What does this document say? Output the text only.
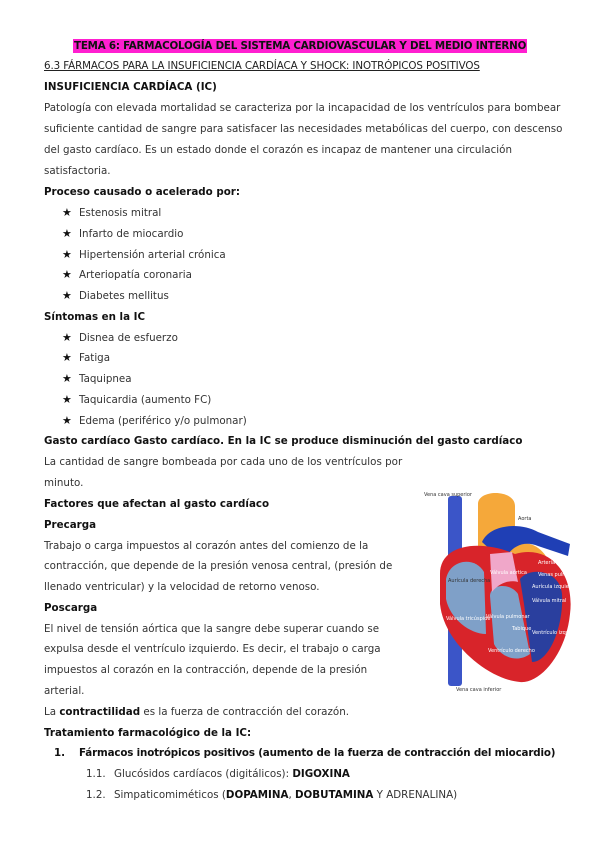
TEMA 6: FARMACOLOGÍA DEL SISTEMA CARDIOVASCULAR Y DEL MEDIO INTERNO
6.3 FÁRMACOS PARA LA INSUFICIENCIA CARDÍACA Y SHOCK: INOTRÓPICOS POSITIVOS
INSUFICIENCIA CARDÍACA (IC)
Patología con elevada mortalidad se caracteriza por la incapacidad de los ventrículos para bombear
suficiente cantidad de sangre para satisfacer las necesidades metabólicas del cuerpo, con descenso
del gasto cardíaco. Es un estado donde el corazón es incapaz de mantener una circulación
satisfactoria.
Proceso causado o acelerado por:
★ Estenosis mitral
★ Infarto de miocardio
★ Hipertensión arterial crónica
★ Arteriopatía coronaria
★ Diabetes mellitus
Síntomas en la IC
★ Disnea de esfuerzo
★ Fatiga
★ Taquipnea
★ Taquicardia (aumento FC)
★ Edema (periférico y/o pulmonar)
Gasto cardíaco Gasto cardíaco. En la IC se produce disminución del gasto cardíaco
La cantidad de sangre bombeada por cada uno de los ventrículos por
minuto.
Factores que afectan al gasto cardíaco
Precarga
Trabajo o carga impuestos al corazón antes del comienzo de la
contracción, que depende de la presión venosa central, (presión de
llenado ventricular) y la velocidad de retorno venoso.
Poscarga
El nivel de tensión aórtica que la sangre debe superar cuando se
expulsa desde el ventrículo izquierdo. Es decir, el trabajo o carga
impuestos al corazón en la contracción, depende de la presión
arterial.
La contractilidad es la fuerza de contracción del corazón.
Tratamiento farmacológico de la IC:
1. Fármacos inotrópicos positivos (aumento de la fuerza de contracción del miocardio)
1.1. Glucósidos cardíacos (digitálicos): DIGOXINA
1.2. Simpaticomiméticos (DOPAMINA, DOBUTAMINA Y ADRENALINA)
Vena cava superior
Aorta
Arteria pulmonar
Venas pulmonares
Aurícula izquierda
Válvula mitral
Aurícula derecha
Válvula aórtica
Válvula pulmonar
Válvula tricúspide
Ventrículo izquierdo
Tabique
Ventrículo derecho
Vena cava inferior
